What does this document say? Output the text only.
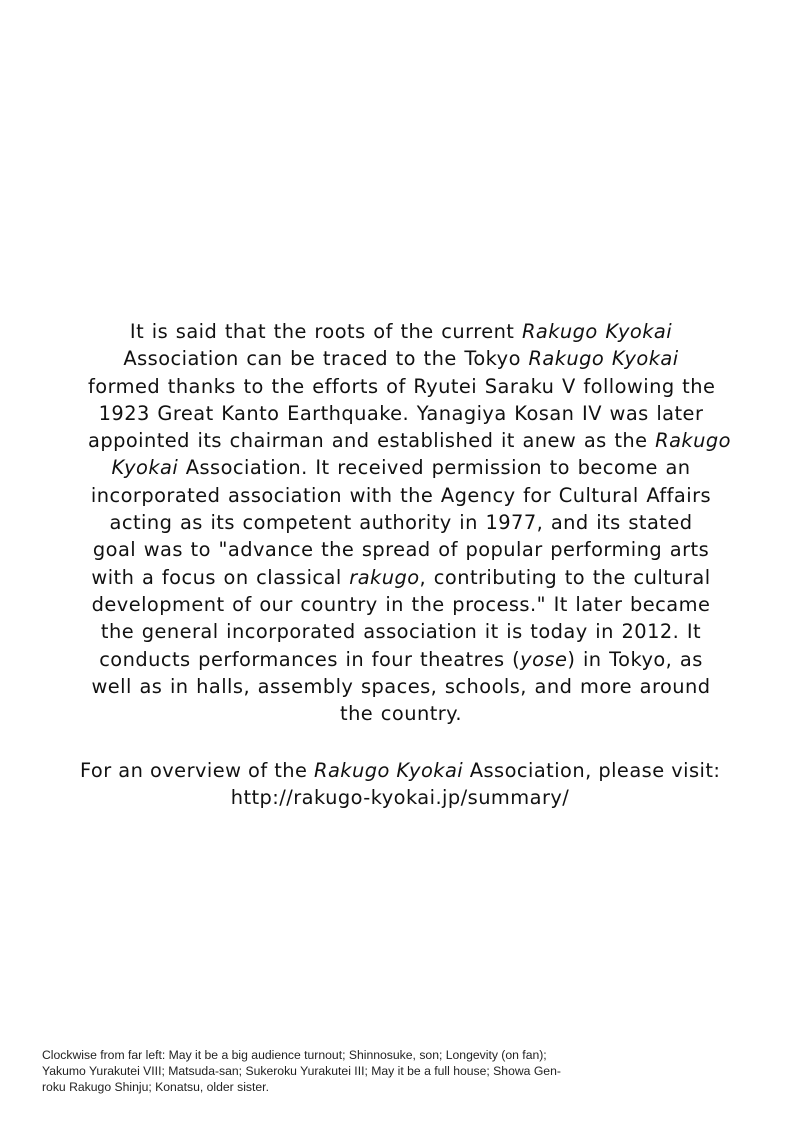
It is said that the roots of the current Rakugo Kyokai
Association can be traced to the Tokyo Rakugo Kyokai
formed thanks to the efforts of Ryutei Saraku V following the
1923 Great Kanto Earthquake. Yanagiya Kosan IV was later
appointed its chairman and established it anew as the Rakugo
Kyokai Association. It received permission to become an
incorporated association with the Agency for Cultural Affairs
acting as its competent authority in 1977, and its stated
goal was to "advance the spread of popular performing arts
with a focus on classical rakugo, contributing to the cultural
development of our country in the process." It later became
the general incorporated association it is today in 2012. It
conducts performances in four theatres (yose) in Tokyo, as
well as in halls, assembly spaces, schools, and more around
the country.
For an overview of the Rakugo Kyokai Association, please visit:
http://rakugo-kyokai.jp/summary/
Clockwise from far left: May it be a big audience turnout; Shinnosuke, son; Longevity (on fan);
Yakumo Yurakutei VIII; Matsuda-san; Sukeroku Yurakutei III; May it be a full house; Showa Gen-
roku Rakugo Shinju; Konatsu, older sister.
